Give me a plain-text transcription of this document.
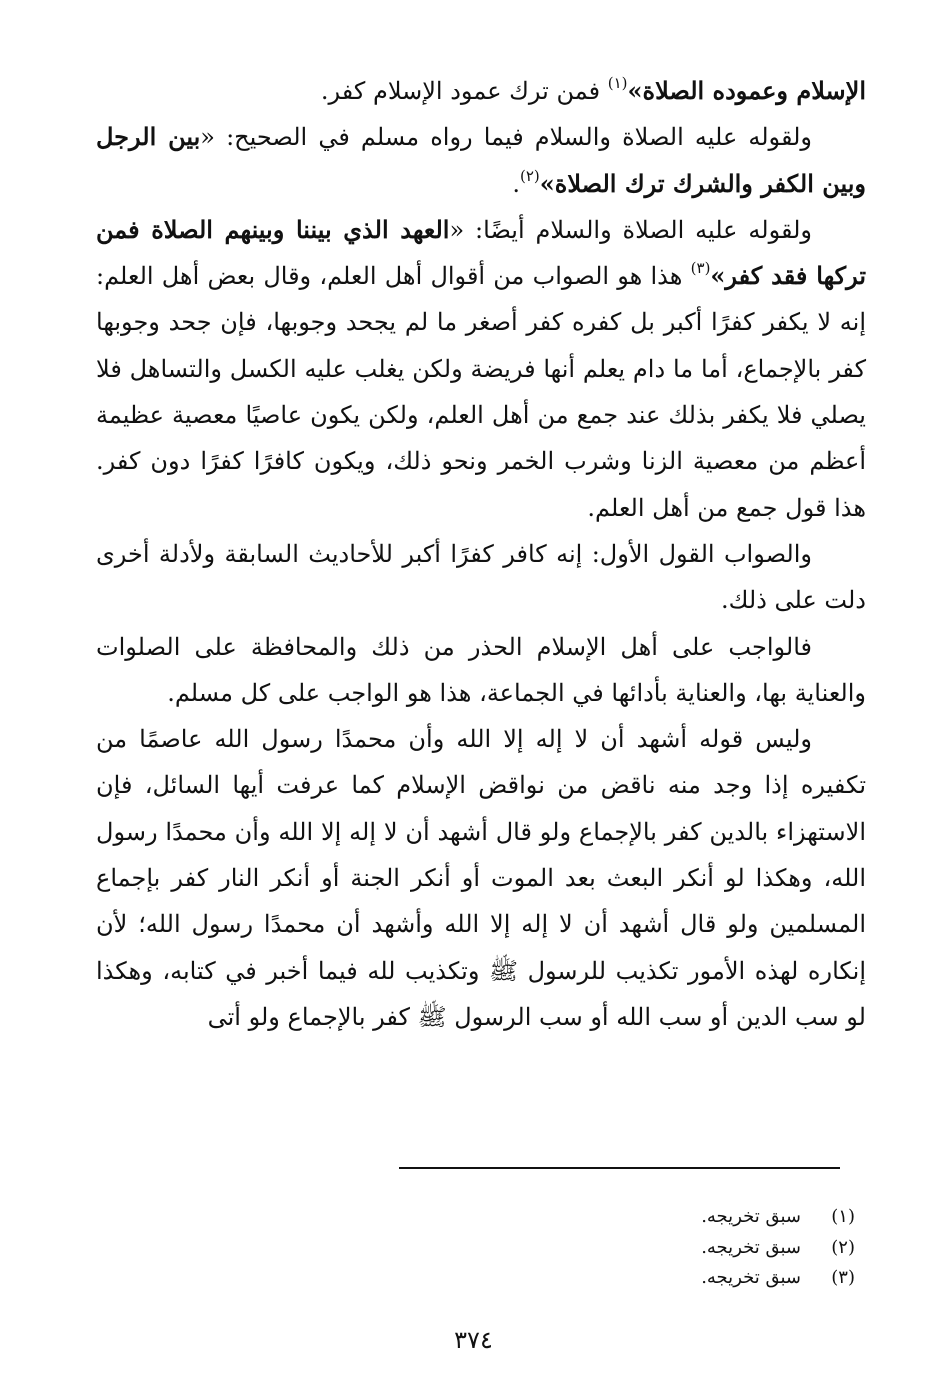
الإسلام وعموده الصلاة»$^{(١)}$ فمن ترك عمود الإسلام كفر.

ولقوله عليه الصلاة والسلام فيما رواه مسلم في الصحيح: «بين الرجل وبين الكفر والشرك ترك الصلاة»$^{(٢)}$.

ولقوله عليه الصلاة والسلام أيضًا: «العهد الذي بيننا وبينهم الصلاة فمن تركها فقد كفر»$^{(٣)}$ هذا هو الصواب من أقوال أهل العلم، وقال بعض أهل العلم: إنه لا يكفر كفرًا أكبر بل كفره كفر أصغر ما لم يجحد وجوبها، فإن جحد وجوبها كفر بالإجماع، أما ما دام يعلم أنها فريضة ولكن يغلب عليه الكسل والتساهل فلا يصلي فلا يكفر بذلك عند جمع من أهل العلم، ولكن يكون عاصيًا معصية عظيمة أعظم من معصية الزنا وشرب الخمر ونحو ذلك، ويكون كافرًا كفرًا دون كفر. هذا قول جمع من أهل العلم.

والصواب القول الأول: إنه كافر كفرًا أكبر للأحاديث السابقة ولأدلة أخرى دلت على ذلك.

فالواجب على أهل الإسلام الحذر من ذلك والمحافظة على الصلوات والعناية بها، والعناية بأدائها في الجماعة، هذا هو الواجب على كل مسلم.

وليس قوله أشهد أن لا إله إلا الله وأن محمدًا رسول الله عاصمًا من تكفيره إذا وجد منه ناقض من نواقض الإسلام كما عرفت أيها السائل، فإن الاستهزاء بالدين كفر بالإجماع ولو قال أشهد أن لا إله إلا الله وأن محمدًا رسول الله، وهكذا لو أنكر البعث بعد الموت أو أنكر الجنة أو أنكر النار كفر بإجماع المسلمين ولو قال أشهد أن لا إله إلا الله وأشهد أن محمدًا رسول الله؛ لأن إنكاره لهذه الأمور تكذيب للرسول ﷺ وتكذيب لله فيما أخبر في كتابه، وهكذا لو سب الدين أو سب الله أو سب الرسول ﷺ كفر بالإجماع ولو أتى

(١)
سبق تخريجه.
(٢)
سبق تخريجه.
(٣)
سبق تخريجه.
٣٧٤
